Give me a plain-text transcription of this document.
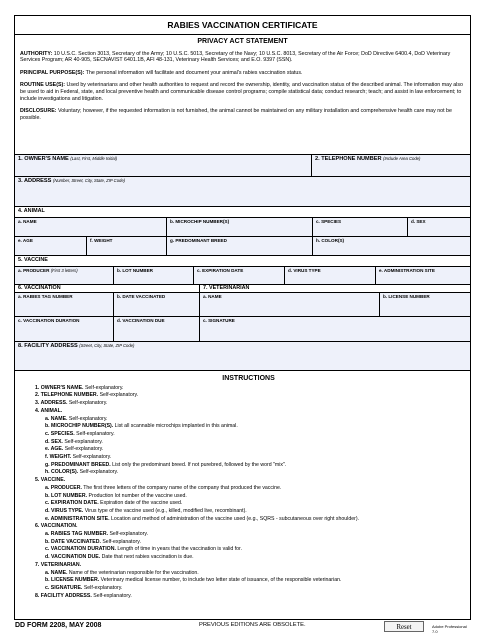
RABIES VACCINATION CERTIFICATE
PRIVACY ACT STATEMENT

AUTHORITY: 10 U.S.C. Section 3013, Secretary of the Army; 10 U.S.C. 5013, Secretary of the Navy; 10 U.S.C. 8013, Secretary of the Air Force; DoD Directive 6400.4, DoD Veterinary Services Program; AR 40-905, SECNAVIST 6401.1B, AFI 48-131, Veterinary Health Services; and E.O. 9397 (SSN).

PRINCIPAL PURPOSE(S): The personal information will facilitate and document your animal's rabies vaccination status.

ROUTINE USE(S): Used by veterinarians and other health authorities to request and record the ownership, identity, and vaccination status of the described animal. The information may also be used to aid in Federal, state, and local preventive health and communicable disease control programs; compile statistical data; conduct research; teach; and assist in law enforcement; to include investigations and litigation.

DISCLOSURE: Voluntary; however, if the requested information is not furnished, the animal cannot be maintained on any military installation and comprehensive health care may not be possible.

1. OWNER'S NAME (Last, First, Middle Initial)	2. TELEPHONE NUMBER (Include Area Code)
3. ADDRESS (Number, Street, City, State, ZIP Code)
4. ANIMAL
a. NAME	b. MICROCHIP NUMBER(S)	c. SPECIES	d. SEX
e. AGE	f. WEIGHT	g. PREDOMINANT BREED	h. COLOR(S)
5. VACCINE
a. PRODUCER (First 3 letters)	b. LOT NUMBER	c. EXPIRATION DATE	d. VIRUS TYPE	e. ADMINISTRATION SITE
6. VACCINATION	7. VETERINARIAN
a. RABIES TAG NUMBER	b. DATE VACCINATED	a. NAME	b. LICENSE NUMBER
c. VACCINATION DURATION	d. VACCINATION DUE	c. SIGNATURE
8. FACILITY ADDRESS (Street, City, State, ZIP Code)
INSTRUCTIONS
1. OWNER'S NAME. Self-explanatory.
2. TELEPHONE NUMBER. Self-explanatory.
3. ADDRESS. Self-explanatory.
4. ANIMAL.
a. NAME. Self-explanatory.
b. MICROCHIP NUMBER(S). List all scannable microchips implanted in this animal.
c. SPECIES. Self-explanatory.
d. SEX. Self-explanatory.
e. AGE. Self-explanatory.
f. WEIGHT. Self-explanatory.
g. PREDOMINANT BREED. List only the predominant breed. If not purebred, followed by the word "mix".
h. COLOR(S). Self-explanatory.
5. VACCINE.
a. PRODUCER. The first three letters of the company name of the company that produced the vaccine.
b. LOT NUMBER. Production lot number of the vaccine used.
c. EXPIRATION DATE. Expiration date of the vaccine used.
d. VIRUS TYPE. Virus type of the vaccine used (e.g., killed, modified live, recombinant).
e. ADMINISTRATION SITE. Location and method of administration of the vaccine used (e.g., SQRS - subcutaneous over right shoulder).
6. VACCINATION.
a. RABIES TAG NUMBER. Self-explanatory.
b. DATE VACCINATED. Self-explanatory.
c. VACCINATION DURATION. Length of time in years that the vaccination is valid for.
d. VACCINATION DUE. Date that next rabies vaccination is due.
7. VETERINARIAN.
a. NAME. Name of the veterinarian responsible for the vaccination.
b. LICENSE NUMBER. Veterinary medical license number, to include two letter state of issuance, of the responsible veterinarian.
c. SIGNATURE. Self-explanatory.
8. FACILITY ADDRESS. Self-explanatory.
DD FORM 2208, MAY 2008	PREVIOUS EDITIONS ARE OBSOLETE.	Reset	Adobe Professional 7.0
